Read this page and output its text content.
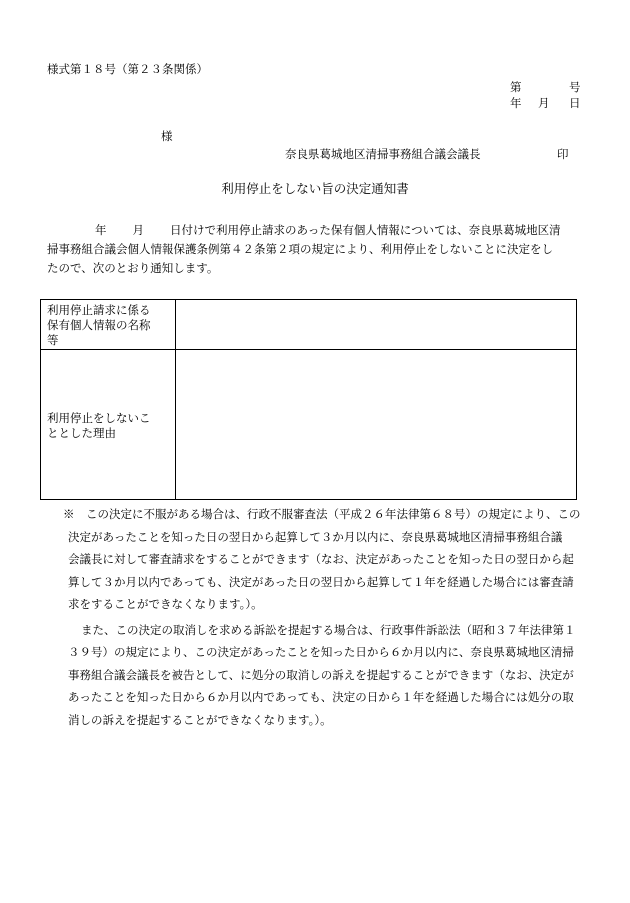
様式第１８号（第２３条関係）
第	号
年 月 日
様
奈良県葛城地区清掃事務組合議会議長	印
利用停止をしない旨の決定通知書
年 月 日付けで利用停止請求のあった保有個人情報については、奈良県葛城地区清
掃事務組合議会個人情報保護条例第４２条第２項の規定により、利用停止をしないことに決定をし
たので、次のとおり通知します。
利用停止請求に係る
保有個人情報の名称
等	

利用停止をしないこ
ととした理由	

※　この決定に不服がある場合は、行政不服審査法（平成２６年法律第６８号）の規定により、この
決定があったことを知った日の翌日から起算して３か月以内に、奈良県葛城地区清掃事務組合議
会議長に対して審査請求をすることができます（なお、決定があったことを知った日の翌日から起
算して３か月以内であっても、決定があった日の翌日から起算して１年を経過した場合には審査請
求をすることができなくなります。）。
また、この決定の取消しを求める訴訟を提起する場合は、行政事件訴訟法（昭和３７年法律第１
３９号）の規定により、この決定があったことを知った日から６か月以内に、奈良県葛城地区清掃
事務組合議会議長を被告として、に処分の取消しの訴えを提起することができます（なお、決定が
あったことを知った日から６か月以内であっても、決定の日から１年を経過した場合には処分の取
消しの訴えを提起することができなくなります。）。
